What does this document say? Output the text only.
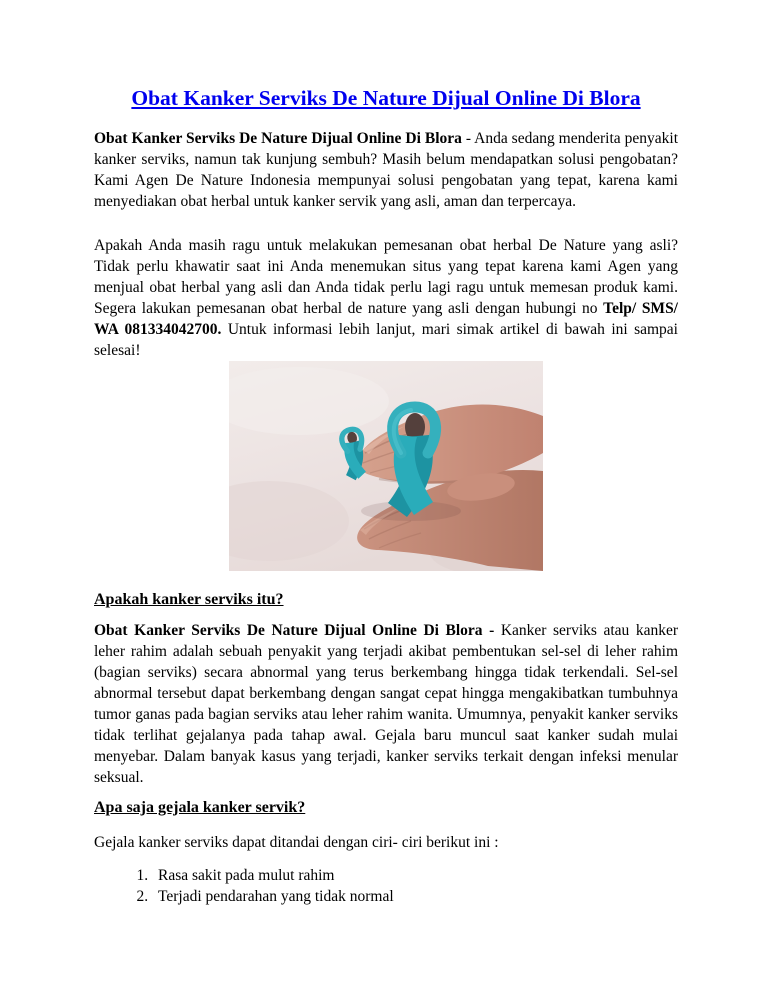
Obat Kanker Serviks De Nature Dijual Online Di Blora

Obat Kanker Serviks De Nature Dijual Online Di Blora - Anda sedang menderita penyakit kanker serviks, namun tak kunjung sembuh? Masih belum mendapatkan solusi pengobatan? Kami Agen De Nature Indonesia mempunyai solusi pengobatan yang tepat, karena kami menyediakan obat herbal untuk kanker servik yang asli, aman dan terpercaya.

Apakah Anda masih ragu untuk melakukan pemesanan obat herbal De Nature yang asli? Tidak perlu khawatir saat ini Anda menemukan situs yang tepat karena kami Agen yang menjual obat herbal yang asli dan Anda tidak perlu lagi ragu untuk memesan produk kami. Segera lakukan pemesanan obat herbal de nature yang asli dengan hubungi no Telp/ SMS/ WA 081334042700. Untuk informasi lebih lanjut, mari simak artikel di bawah ini sampai selesai!

Apakah kanker serviks itu?

Obat Kanker Serviks De Nature Dijual Online Di Blora - Kanker serviks atau kanker leher rahim adalah sebuah penyakit yang terjadi akibat pembentukan sel-sel di leher rahim (bagian serviks) secara abnormal yang terus berkembang hingga tidak terkendali. Sel-sel abnormal tersebut dapat berkembang dengan sangat cepat hingga mengakibatkan tumbuhnya tumor ganas pada bagian serviks atau leher rahim wanita. Umumnya, penyakit kanker serviks tidak terlihat gejalanya pada tahap awal. Gejala baru muncul saat kanker sudah mulai menyebar. Dalam banyak kasus yang terjadi, kanker serviks terkait dengan infeksi menular seksual.

Apa saja gejala kanker servik?

Gejala kanker serviks dapat ditandai dengan ciri- ciri berikut ini :

1. Rasa sakit pada mulut rahim
2. Terjadi pendarahan yang tidak normal
